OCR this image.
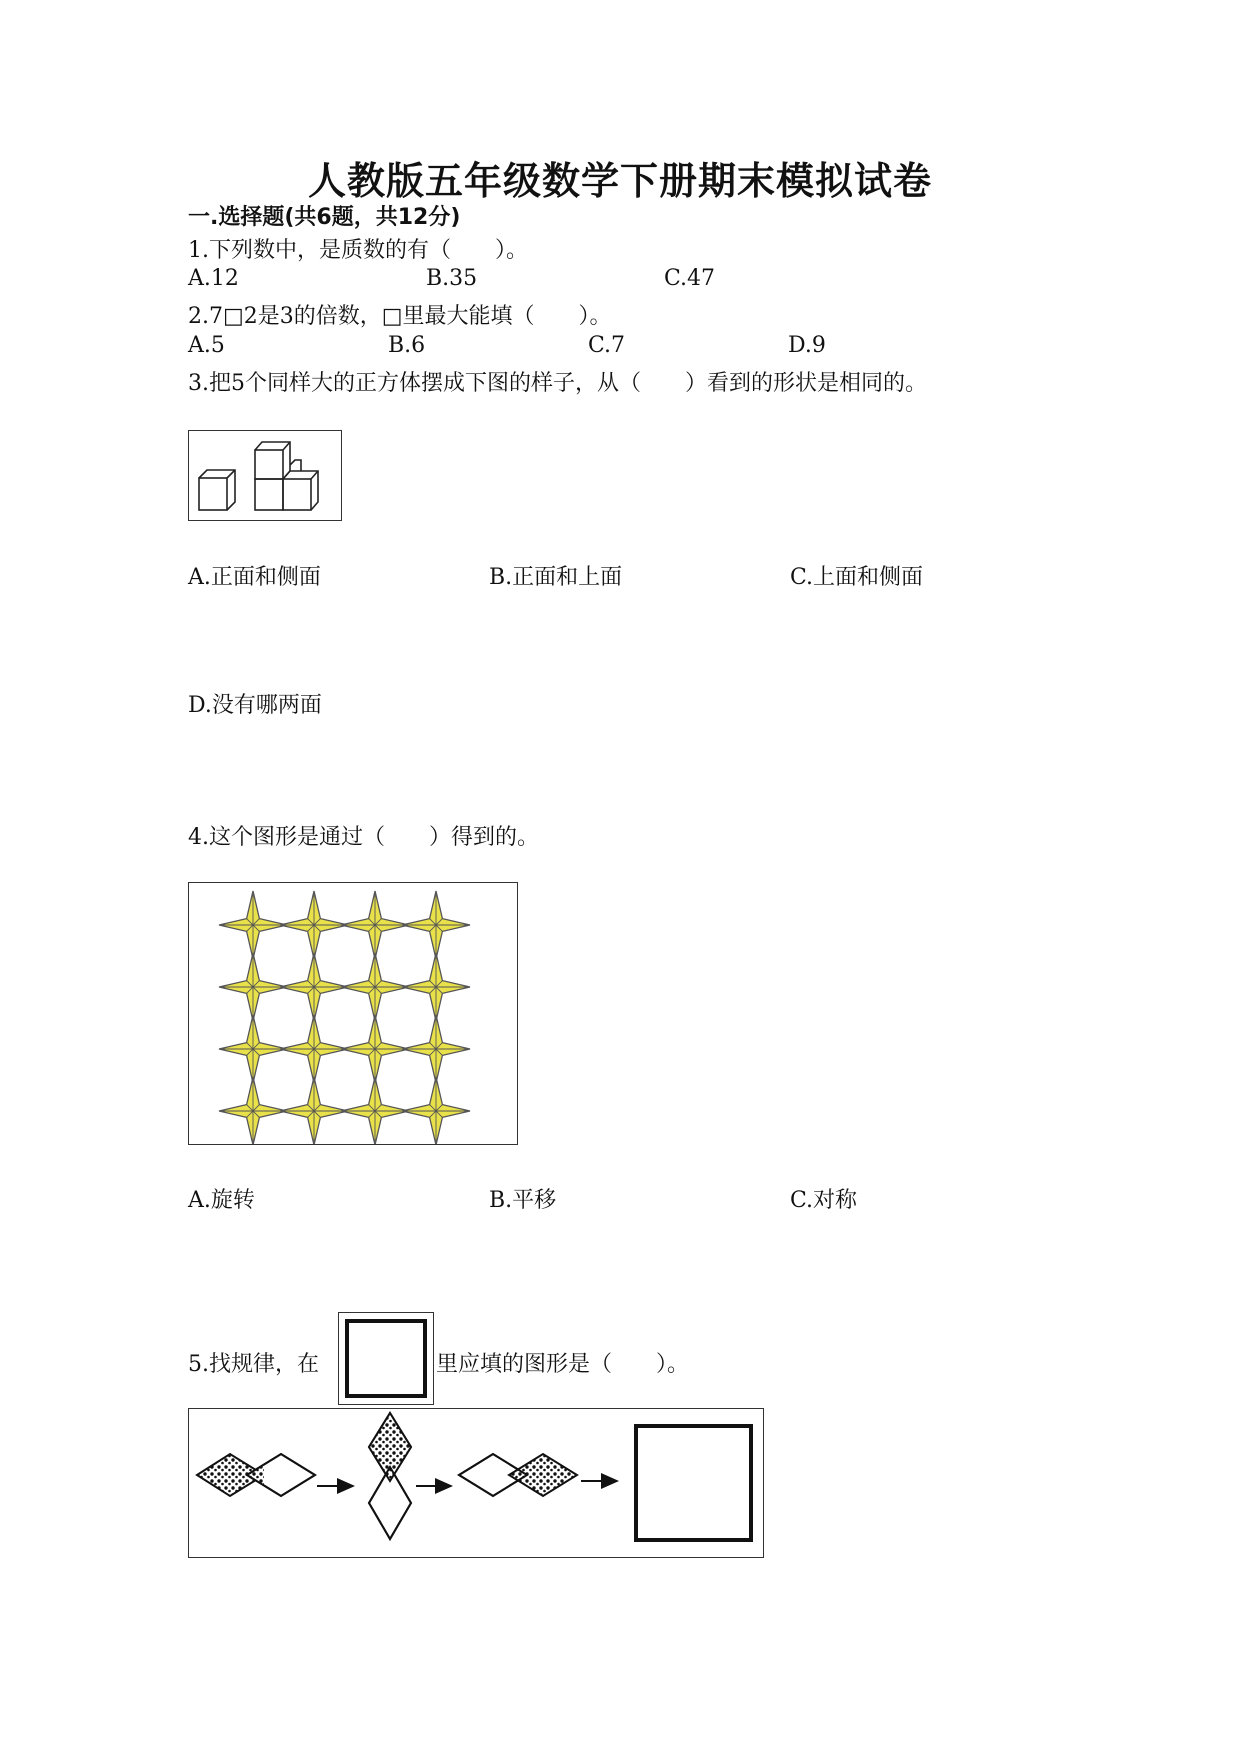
人教版五年级数学下册期末模拟试卷
一.选择题(共6题，共12分)
1.下列数中，是质数的有（　　）。
A.12	B.35	C.47
2.7□2是3的倍数，□里最大能填（　　）。
A.5	B.6	C.7	D.9
3.把5个同样大的正方体摆成下图的样子，从（　　）看到的形状是相同的。
A.正面和侧面	B.正面和上面	C.上面和侧面
D.没有哪两面
4.这个图形是通过（　　）得到的。
A.旋转	B.平移	C.对称
5.找规律，在	里应填的图形是（　　）。
